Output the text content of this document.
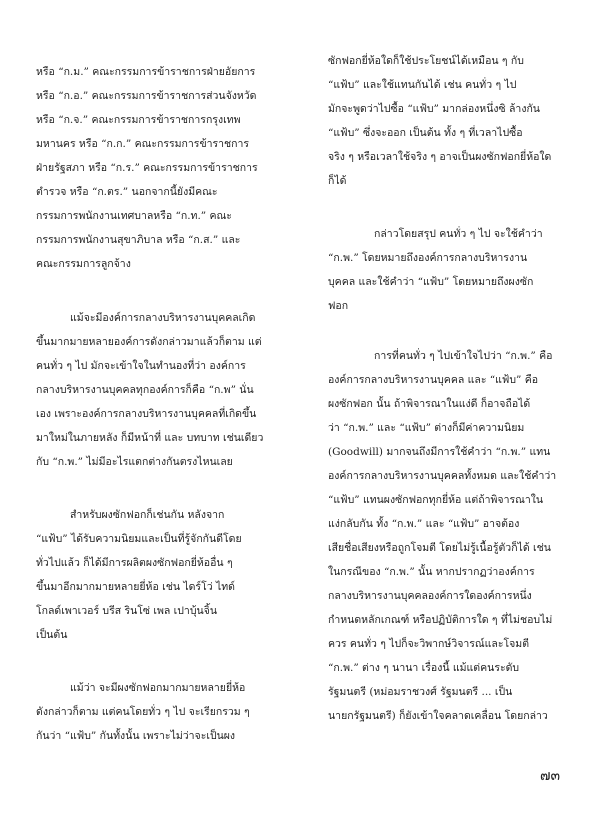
หรือ “ก.ม.” คณะกรรมการข้าราชการฝ่ายอัยการ
หรือ “ก.อ.” คณะกรรมการข้าราชการส่วนจังหวัด
หรือ “ก.จ.” คณะกรรมการข้าราชการกรุงเทพ
มหานคร หรือ “ก.ก.” คณะกรรมการข้าราชการ
ฝ่ายรัฐสภา หรือ “ก.ร.” คณะกรรมการข้าราชการ
ตำรวจ หรือ “ก.ตร.” นอกจากนี้ยังมีคณะ
กรรมการพนักงานเทศบาลหรือ “ก.ท.” คณะ
กรรมการพนักงานสุขาภิบาล หรือ “ก.ส.” และ
คณะกรรมการลูกจ้าง
แม้จะมีองค์การกลางบริหารงานบุคคลเกิด
ขึ้นมากมายหลายองค์การดังกล่าวมาแล้วก็ตาม แต่
คนทั่ว ๆ ไป มักจะเข้าใจในทำนองที่ว่า องค์การ
กลางบริหารงานบุคคลทุกองค์การก็คือ “ก.พ” นั่น
เอง เพราะองค์การกลางบริหารงานบุคคลที่เกิดขึ้น
มาใหม่ในภายหลัง ก็มีหน้าที่ และ บทบาท เช่นเดียว
กับ “ก.พ.” ไม่มีอะไรแตกต่างกันตรงไหนเลย
สำหรับผงซักฟอกก็เช่นกัน หลังจาก
“แฟ้บ” ได้รับความนิยมและเป็นที่รู้จักกันดีโดย
ทั่วไปแล้ว ก็ได้มีการผลิตผงซักฟอกยี่ห้ออื่น ๆ
ขึ้นมาอีกมากมายหลายยี่ห้อ เช่น ไดร์โว่ ไทด์
โกลด์เพาเวอร์ บรีส รินโซ่ เพล เปาบุ้นจิ้น
เป็นต้น
แม้ว่า จะมีผงซักฟอกมากมายหลายยี่ห้อ
ดังกล่าวก็ตาม แต่คนโดยทั่ว ๆ ไป จะเรียกรวม ๆ
กันว่า “แฟ้บ” กันทั้งนั้น เพราะไม่ว่าจะเป็นผง
ซักฟอกยี่ห้อใดก็ใช้ประโยชน์ได้เหมือน ๆ กับ
“แฟ้บ” และใช้แทนกันได้ เช่น คนทั่ว ๆ ไป
มักจะพูดว่าไปซื้อ “แฟ้บ” มากล่องหนึ่งซิ ล้างกัน
“แฟ้บ” ซึ่งจะออก เป็นต้น ทั้ง ๆ ที่เวลาไปซื้อ
จริง ๆ หรือเวลาใช้จริง ๆ อาจเป็นผงซักฟอกยี่ห้อใด
ก็ได้
กล่าวโดยสรุป คนทั่ว ๆ ไป จะใช้คำว่า
“ก.พ.” โดยหมายถึงองค์การกลางบริหารงาน
บุคคล และใช้คำว่า “แฟ้บ” โดยหมายถึงผงซัก
ฟอก
การที่คนทั่ว ๆ ไปเข้าใจไปว่า “ก.พ.” คือ
องค์การกลางบริหารงานบุคคล และ “แฟ้บ” คือ
ผงซักฟอก นั้น ถ้าพิจารณาในแง่ดี ก็อาจถือได้
ว่า “ก.พ.” และ “แฟ้บ” ต่างก็มีค่าความนิยม
(Goodwill) มากจนถึงมีการใช้คำว่า “ก.พ.” แทน
องค์การกลางบริหารงานบุคคลทั้งหมด และใช้คำว่า
“แฟ้บ” แทนผงซักฟอกทุกยี่ห้อ แต่ถ้าพิจารณาใน
แง่กลับกัน ทั้ง “ก.พ.” และ “แฟ้บ” อาจต้อง
เสียชื่อเสียงหรือถูกโจมตี โดยไม่รู้เนื้อรู้ตัวก็ได้ เช่น
ในกรณีของ “ก.พ.” นั้น หากปรากฏว่าองค์การ
กลางบริหารงานบุคคลองค์การใดองค์การหนึ่ง
กำหนดหลักเกณฑ์ หรือปฏิบัติการใด ๆ ที่ไม่ชอบไม่
ควร คนทั่ว ๆ ไปก็จะวิพากษ์วิจารณ์และโจมตี
“ก.พ.” ต่าง ๆ นานา เรื่องนี้ แม้แต่คนระดับ
รัฐมนตรี (หม่อมราชวงศ์ รัฐมนตรี ... เป็น
นายกรัฐมนตรี) ก็ยังเข้าใจคลาดเคลื่อน โดยกล่าว
๗๓
